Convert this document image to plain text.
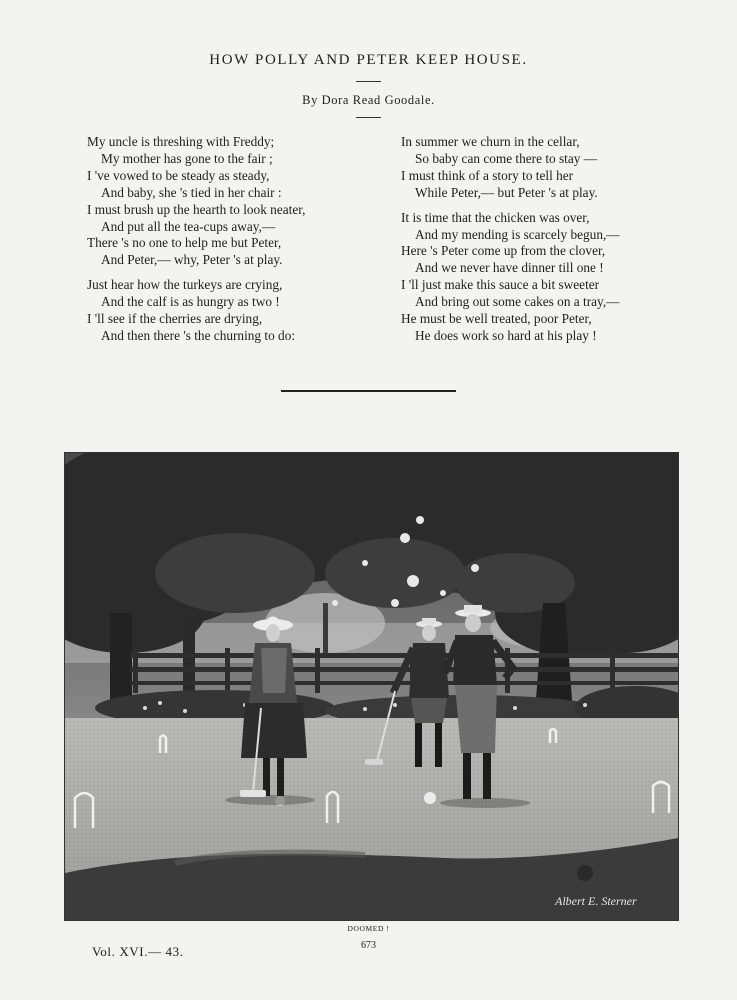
HOW POLLY AND PETER KEEP HOUSE.
By Dora Read Goodale.
My uncle is threshing with Freddy;
My mother has gone to the fair ;
I 've vowed to be steady as steady,
And baby, she 's tied in her chair :
I must brush up the hearth to look neater,
And put all the tea-cups away,—
There 's no one to help me but Peter,
And Peter,— why, Peter 's at play.
Just hear how the turkeys are crying,
And the calf is as hungry as two !
I 'll see if the cherries are drying,
And then there 's the churning to do:
In summer we churn in the cellar,
So baby can come there to stay —
I must think of a story to tell her
While Peter,— but Peter 's at play.
It is time that the chicken was over,
And my mending is scarcely begun,—
Here 's Peter come up from the clover,
And we never have dinner till one !
I 'll just make this sauce a bit sweeter
And bring out some cakes on a tray,—
He must be well treated, poor Peter,
He does work so hard at his play !
Albert E. Sterner
DOOMED !
Vol. XVI.— 43.	673
